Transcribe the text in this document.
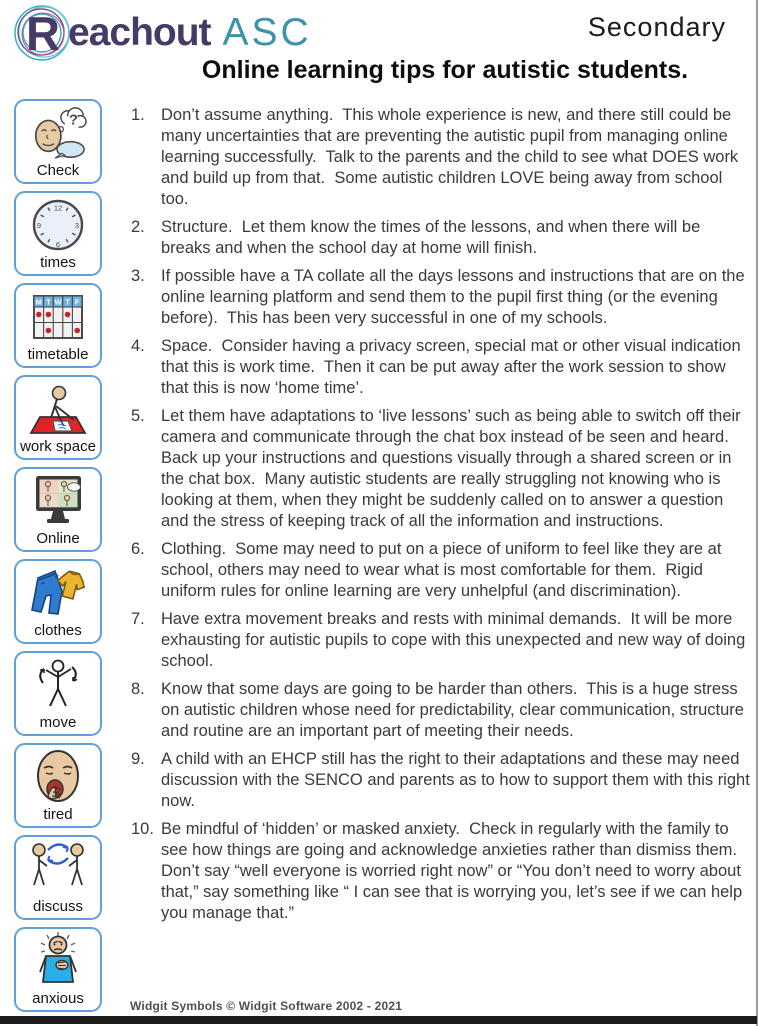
R eachout ASC	Secondary
Online learning tips for autistic students.
?
Check
12
3
6
9
times
M T W T F
timetable
work space
Online
clothes
move
tired
discuss
anxious
1. Don’t assume anything.  This whole experience is new, and there still could be many uncertainties that are preventing the autistic pupil from managing online learning successfully.  Talk to the parents and the child to see what DOES work and build up from that.  Some autistic children LOVE being away from school too.
2. Structure.  Let them know the times of the lessons, and when there will be breaks and when the school day at home will finish.
3. If possible have a TA collate all the days lessons and instructions that are on the online learning platform and send them to the pupil first thing (or the evening before).  This has been very successful in one of my schools.
4. Space.  Consider having a privacy screen, special mat or other visual indication that this is work time.  Then it can be put away after the work session to show that this is now ‘home time’.
5. Let them have adaptations to ‘live lessons’ such as being able to switch off their camera and communicate through the chat box instead of be seen and heard. Back up your instructions and questions visually through a shared screen or in the chat box.  Many autistic students are really struggling not knowing who is looking at them, when they might be suddenly called on to answer a question and the stress of keeping track of all the information and instructions.
6. Clothing.  Some may need to put on a piece of uniform to feel like they are at school, others may need to wear what is most comfortable for them.  Rigid uniform rules for online learning are very unhelpful (and discrimination).
7. Have extra movement breaks and rests with minimal demands.  It will be more exhausting for autistic pupils to cope with this unexpected and new way of doing school.
8. Know that some days are going to be harder than others.  This is a huge stress on autistic children whose need for predictability, clear communication, structure and routine are an important part of meeting their needs.
9. A child with an EHCP still has the right to their adaptations and these may need discussion with the SENCO and parents as to how to support them with this right now.
10. Be mindful of ‘hidden’ or masked anxiety.  Check in regularly with the family to see how things are going and acknowledge anxieties rather than dismiss them.  Don’t say “well everyone is worried right now” or “You don’t need to worry about that,” say something like “ I can see that is worrying you, let’s see if we can help you manage that.”
Widgit Symbols © Widgit Software 2002 - 2021
